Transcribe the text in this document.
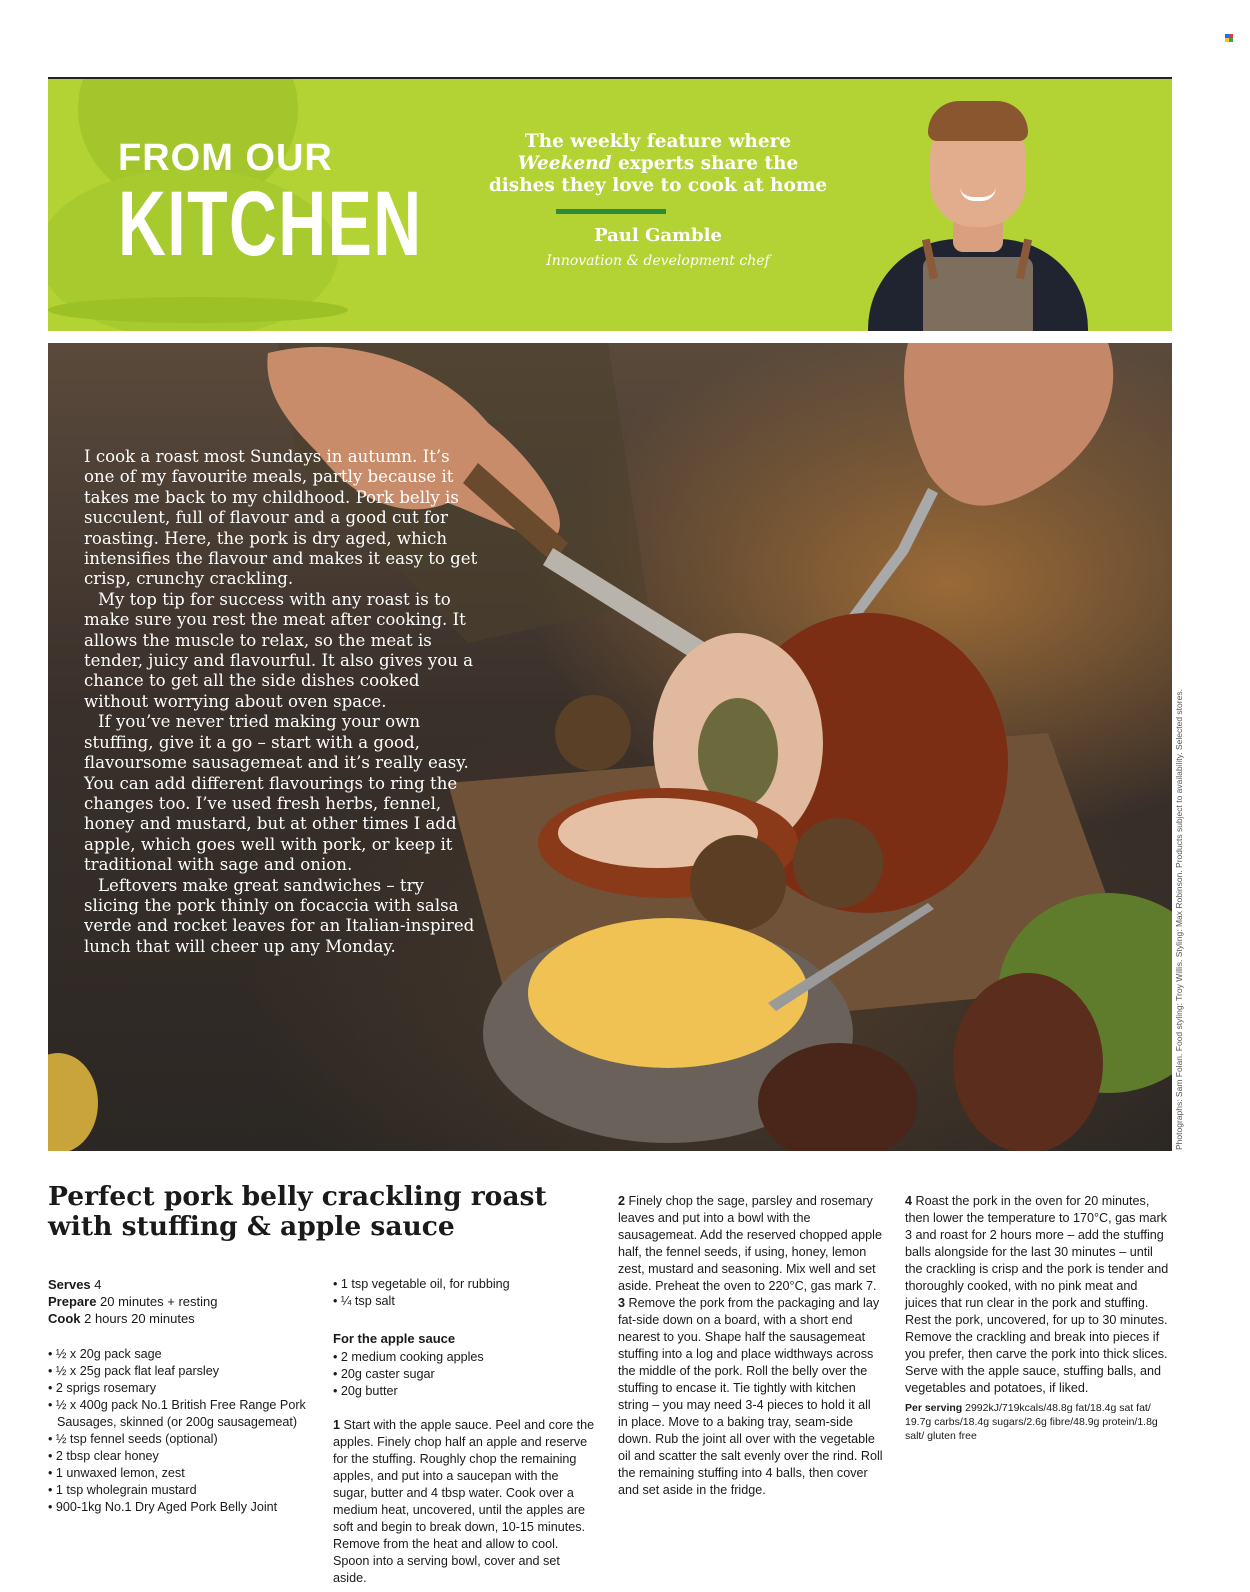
FROM OUR
KITCHEN
The weekly feature where
Weekend experts share the
dishes they love to cook at home
Paul Gamble
Innovation & development chef

I cook a roast most Sundays in autumn. It’s one of my favourite meals, partly because it takes me back to my childhood. Pork belly is succulent, full of flavour and a good cut for roasting. Here, the pork is dry aged, which intensifies the flavour and makes it easy to get crisp, crunchy crackling.

My top tip for success with any roast is to make sure you rest the meat after cooking. It allows the muscle to relax, so the meat is tender, juicy and flavourful. It also gives you a chance to get all the side dishes cooked without worrying about oven space.

If you’ve never tried making your own stuffing, give it a go – start with a good, flavoursome sausagemeat and it’s really easy. You can add different flavourings to ring the changes too. I’ve used fresh herbs, fennel, honey and mustard, but at other times I add apple, which goes well with pork, or keep it traditional with sage and onion.

Leftovers make great sandwiches – try slicing the pork thinly on focaccia with salsa verde and rocket leaves for an Italian-inspired lunch that will cheer up any Monday.	Photographs: Sam Folan. Food styling: Troy Willis. Styling: Max Robinson. Products subject to availability. Selected stores.
Perfect pork belly crackling roast with stuffing & apple sauce
Serves 4
Prepare 20 minutes + resting
Cook 2 hours 20 minutes
• ½ x 20g pack sage
• ½ x 25g pack flat leaf parsley
• 2 sprigs rosemary
• ½ x 400g pack No.1 British Free Range Pork Sausages, skinned (or 200g sausagemeat)
• ½ tsp fennel seeds (optional)
• 2 tbsp clear honey
• 1 unwaxed lemon, zest
• 1 tsp wholegrain mustard
• 900-1kg No.1 Dry Aged Pork Belly Joint
• 1 tsp vegetable oil, for rubbing
• ¼ tsp salt
For the apple sauce
• 2 medium cooking apples
• 20g caster sugar
• 20g butter
1 Start with the apple sauce. Peel and core the apples. Finely chop half an apple and reserve for the stuffing. Roughly chop the remaining apples, and put into a saucepan with the sugar, butter and 4 tbsp water. Cook over a medium heat, uncovered, until the apples are soft and begin to break down, 10-15 minutes. Remove from the heat and allow to cool. Spoon into a serving bowl, cover and set aside.
2 Finely chop the sage, parsley and rosemary leaves and put into a bowl with the sausagemeat. Add the reserved chopped apple half, the fennel seeds, if using, honey, lemon zest, mustard and seasoning. Mix well and set aside. Preheat the oven to 220°C, gas mark 7.
3 Remove the pork from the packaging and lay fat-side down on a board, with a short end nearest to you. Shape half the sausagemeat stuffing into a log and place widthways across the middle of the pork. Roll the belly over the stuffing to encase it. Tie tightly with kitchen string – you may need 3-4 pieces to hold it all in place. Move to a baking tray, seam-side down. Rub the joint all over with the vegetable oil and scatter the salt evenly over the rind. Roll the remaining stuffing into 4 balls, then cover and set aside in the fridge.
4 Roast the pork in the oven for 20 minutes, then lower the temperature to 170°C, gas mark 3 and roast for 2 hours more – add the stuffing balls alongside for the last 30 minutes – until the crackling is crisp and the pork is tender and thoroughly cooked, with no pink meat and juices that run clear in the pork and stuffing. Rest the pork, uncovered, for up to 30 minutes. Remove the crackling and break into pieces if you prefer, then carve the pork into thick slices. Serve with the apple sauce, stuffing balls, and vegetables and potatoes, if liked.
Per serving 2992kJ/719kcals/48.8g fat/18.4g sat fat/ 19.7g carbs/18.4g sugars/2.6g fibre/48.9g protein/1.8g salt/ gluten free
